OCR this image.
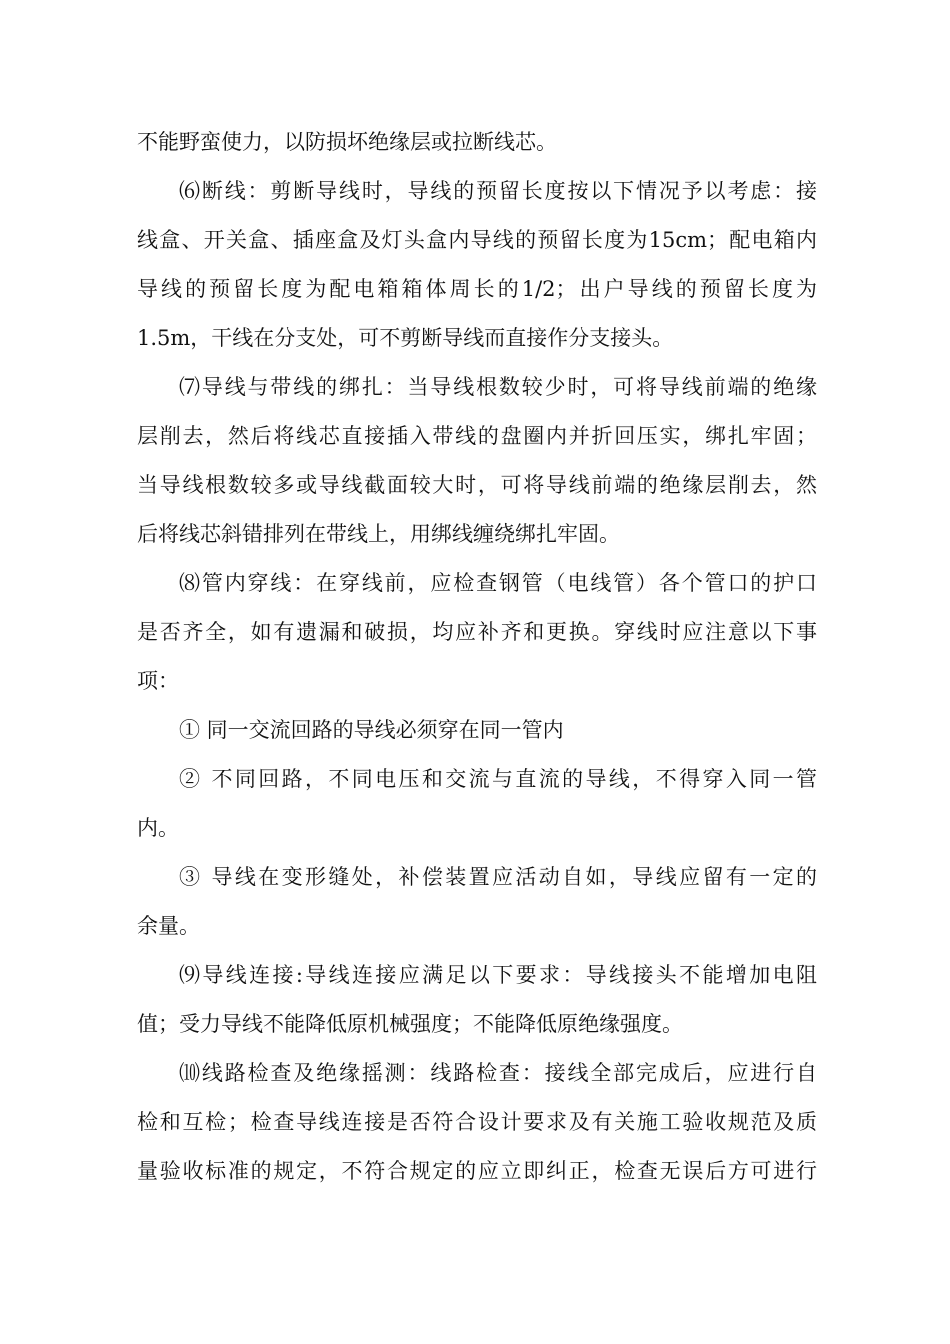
不能野蛮使力，以防损坏绝缘层或拉断线芯。
⑹断线：剪断导线时，导线的预留长度按以下情况予以考虑：接
线盒、开关盒、插座盒及灯头盒内导线的预留长度为15cm；配电箱内
导线的预留长度为配电箱箱体周长的1/2；出户导线的预留长度为
1.5m，干线在分支处，可不剪断导线而直接作分支接头。
⑺导线与带线的绑扎：当导线根数较少时，可将导线前端的绝缘
层削去，然后将线芯直接插入带线的盘圈内并折回压实，绑扎牢固；
当导线根数较多或导线截面较大时，可将导线前端的绝缘层削去，然
后将线芯斜错排列在带线上，用绑线缠绕绑扎牢固。
⑻管内穿线：在穿线前，应检查钢管（电线管）各个管口的护口
是否齐全，如有遗漏和破损，均应补齐和更换。穿线时应注意以下事
项：
① 同一交流回路的导线必须穿在同一管内
② 不同回路，不同电压和交流与直流的导线，不得穿入同一管
内。
③ 导线在变形缝处，补偿装置应活动自如，导线应留有一定的
余量。
⑼导线连接:导线连接应满足以下要求：导线接头不能增加电阻
值；受力导线不能降低原机械强度；不能降低原绝缘强度。
⑽线路检查及绝缘摇测：线路检查：接线全部完成后，应进行自
检和互检；检查导线连接是否符合设计要求及有关施工验收规范及质
量验收标准的规定，不符合规定的应立即纠正，检查无误后方可进行
